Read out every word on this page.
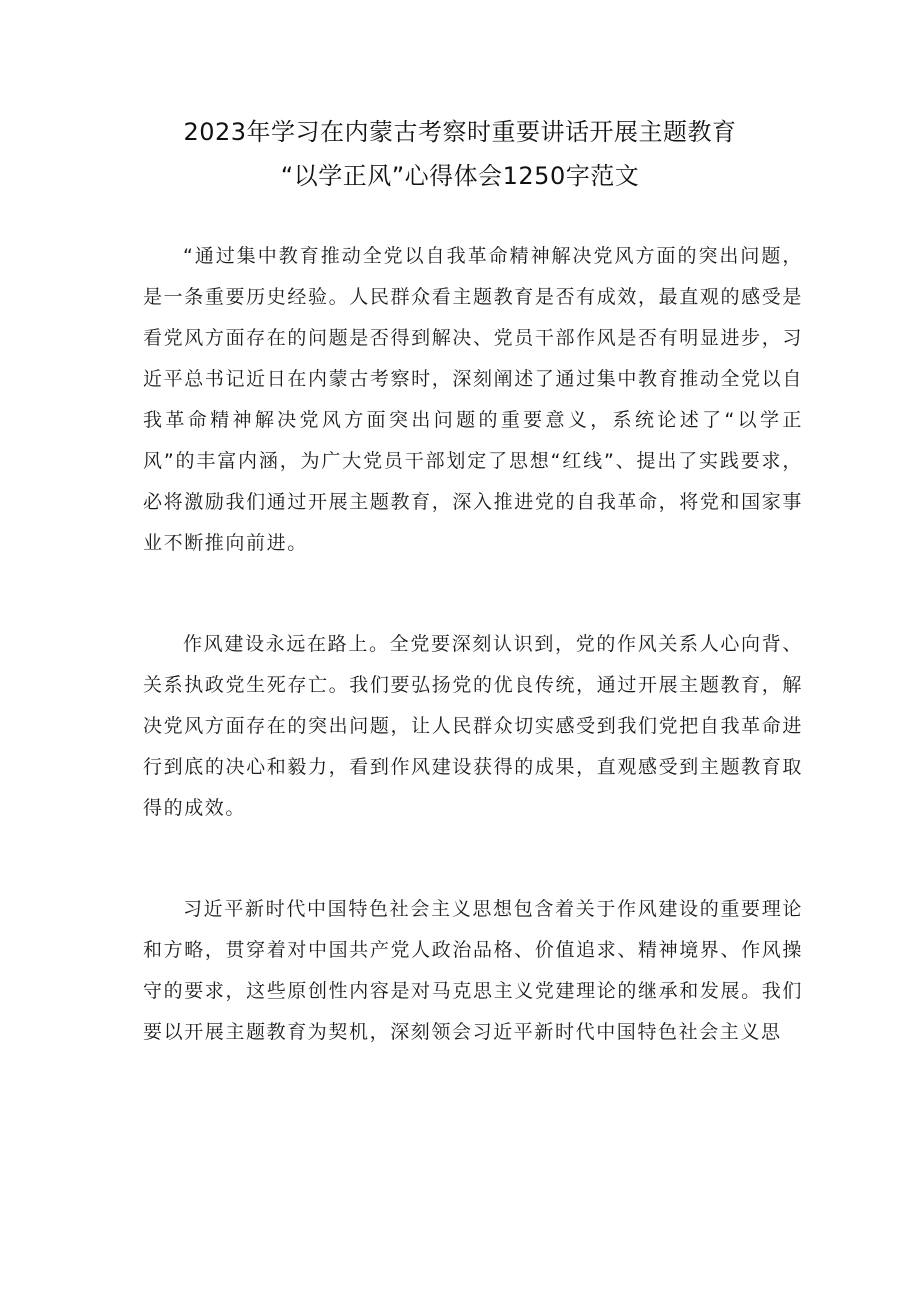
2023年学习在内蒙古考察时重要讲话开展主题教育
“以学正风”心得体会1250字范文

“通过集中教育推动全党以自我革命精神解决党风方面的突出问题，是一条重要历史经验。人民群众看主题教育是否有成效，最直观的感受是看党风方面存在的问题是否得到解决、党员干部作风是否有明显进步，习近平总书记近日在内蒙古考察时，深刻阐述了通过集中教育推动全党以自我革命精神解决党风方面突出问题的重要意义，系统论述了“以学正风”的丰富内涵，为广大党员干部划定了思想“红线”、提出了实践要求，必将激励我们通过开展主题教育，深入推进党的自我革命，将党和国家事业不断推向前进。

作风建设永远在路上。全党要深刻认识到，党的作风关系人心向背、关系执政党生死存亡。我们要弘扬党的优良传统，通过开展主题教育，解决党风方面存在的突出问题，让人民群众切实感受到我们党把自我革命进行到底的决心和毅力，看到作风建设获得的成果，直观感受到主题教育取得的成效。

习近平新时代中国特色社会主义思想包含着关于作风建设的重要理论和方略，贯穿着对中国共产党人政治品格、价值追求、精神境界、作风操守的要求，这些原创性内容是对马克思主义党建理论的继承和发展。我们要以开展主题教育为契机，深刻领会习近平新时代中国特色社会主义思
